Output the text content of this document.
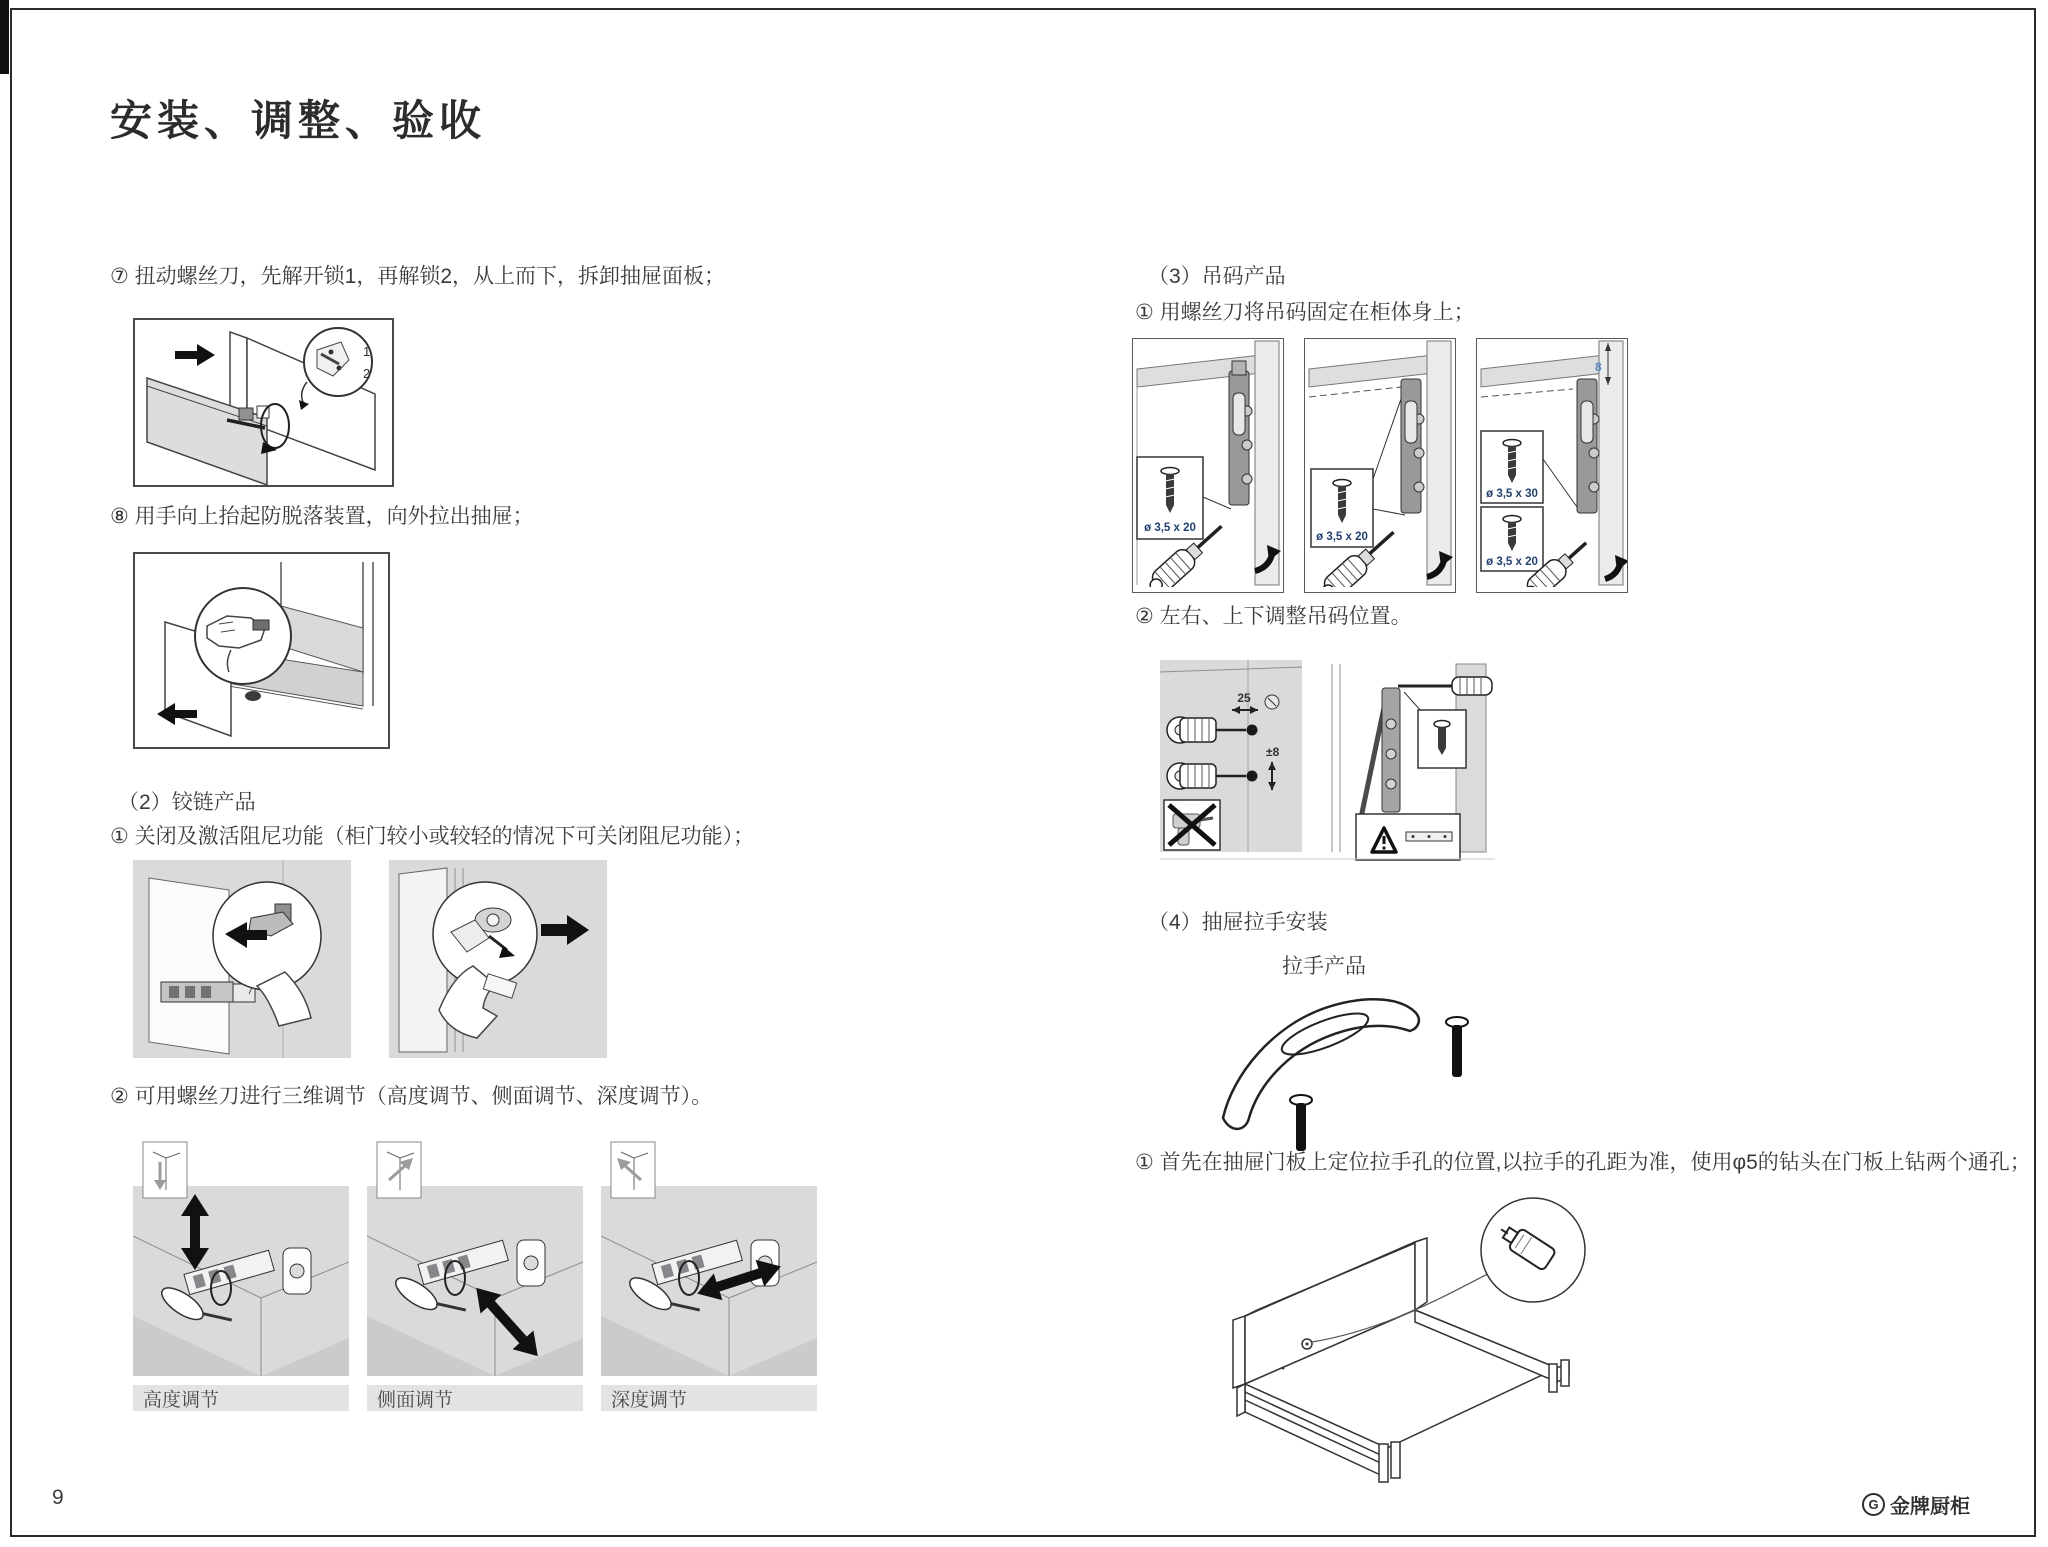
安装、调整、验收
⑦ 扭动螺丝刀，先解开锁1，再解锁2，从上而下，拆卸抽屉面板；
1
2
⑧ 用手向上抬起防脱落装置，向外拉出抽屉；
（2）铰链产品
① 关闭及激活阻尼功能（柜门较小或较轻的情况下可关闭阻尼功能）；
② 可用螺丝刀进行三维调节（高度调节、侧面调节、深度调节）。
高度调节	侧面调节	深度调节
（3）吊码产品
① 用螺丝刀将吊码固定在柜体身上；
ø 3,5 x 20
ø 3,5 x 20
8
ø 3,5 x 30
ø 3,5 x 20
② 左右、上下调整吊码位置。
25
±8
（4）抽屉拉手安装
拉手产品
① 首先在抽屉门板上定位拉手孔的位置,以拉手的孔距为准，使用φ5的钻头在门板上钻两个通孔；
9	G 金牌厨柜
